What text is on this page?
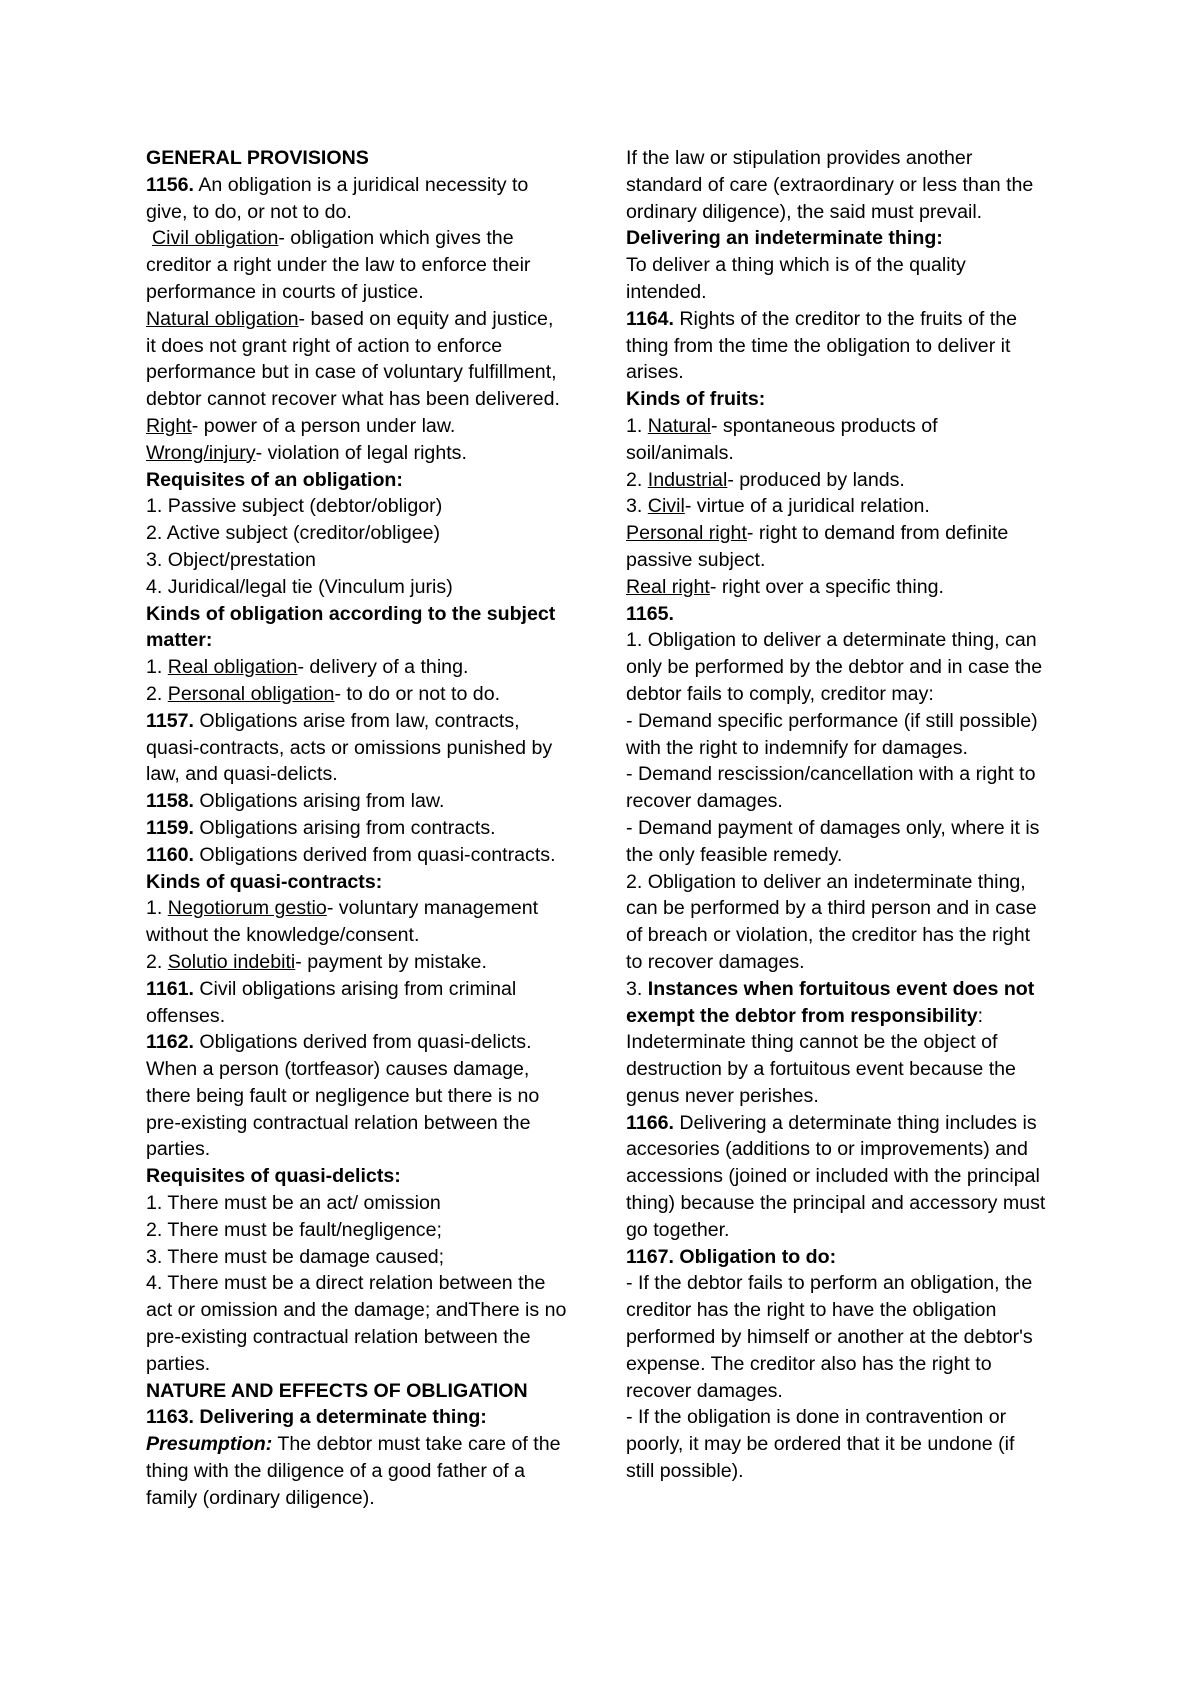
GENERAL PROVISIONS
1156. An obligation is a juridical necessity to
give, to do, or not to do.
Civil obligation- obligation which gives the
creditor a right under the law to enforce their
performance in courts of justice.
Natural obligation- based on equity and justice,
it does not grant right of action to enforce
performance but in case of voluntary fulfillment,
debtor cannot recover what has been delivered.
Right- power of a person under law.
Wrong/injury- violation of legal rights.
Requisites of an obligation:
1. Passive subject (debtor/obligor)
2. Active subject (creditor/obligee)
3. Object/prestation
4. Juridical/legal tie (Vinculum juris)
Kinds of obligation according to the subject
matter:
1. Real obligation- delivery of a thing.
2. Personal obligation- to do or not to do.
1157. Obligations arise from law, contracts,
quasi-contracts, acts or omissions punished by
law, and quasi-delicts.
1158. Obligations arising from law.
1159. Obligations arising from contracts.
1160. Obligations derived from quasi-contracts.
Kinds of quasi-contracts:
1. Negotiorum gestio- voluntary management
without the knowledge/consent.
2. Solutio indebiti- payment by mistake.
1161. Civil obligations arising from criminal
offenses.
1162. Obligations derived from quasi-delicts.
When a person (tortfeasor) causes damage,
there being fault or negligence but there is no
pre-existing contractual relation between the
parties.
Requisites of quasi-delicts:
1. There must be an act/ omission
2. There must be fault/negligence;
3. There must be damage caused;
4. There must be a direct relation between the
act or omission and the damage; andThere is no
pre-existing contractual relation between the
parties.
NATURE AND EFFECTS OF OBLIGATION
1163. Delivering a determinate thing:
Presumption: The debtor must take care of the
thing with the diligence of a good father of a
family (ordinary diligence).
If the law or stipulation provides another
standard of care (extraordinary or less than the
ordinary diligence), the said must prevail.
Delivering an indeterminate thing:
To deliver a thing which is of the quality
intended.
1164. Rights of the creditor to the fruits of the
thing from the time the obligation to deliver it
arises.
Kinds of fruits:
1. Natural- spontaneous products of
soil/animals.
2. Industrial- produced by lands.
3. Civil- virtue of a juridical relation.
Personal right- right to demand from definite
passive subject.
Real right- right over a specific thing.
1165.
1. Obligation to deliver a determinate thing, can
only be performed by the debtor and in case the
debtor fails to comply, creditor may:
- Demand specific performance (if still possible)
with the right to indemnify for damages.
- Demand rescission/cancellation with a right to
recover damages.
- Demand payment of damages only, where it is
the only feasible remedy.
2. Obligation to deliver an indeterminate thing,
can be performed by a third person and in case
of breach or violation, the creditor has the right
to recover damages.
3. Instances when fortuitous event does not
exempt the debtor from responsibility:
Indeterminate thing cannot be the object of
destruction by a fortuitous event because the
genus never perishes.
1166. Delivering a determinate thing includes is
accesories (additions to or improvements) and
accessions (joined or included with the principal
thing) because the principal and accessory must
go together.
1167. Obligation to do:
- If the debtor fails to perform an obligation, the
creditor has the right to have the obligation
performed by himself or another at the debtor's
expense. The creditor also has the right to
recover damages.
- If the obligation is done in contravention or
poorly, it may be ordered that it be undone (if
still possible).
